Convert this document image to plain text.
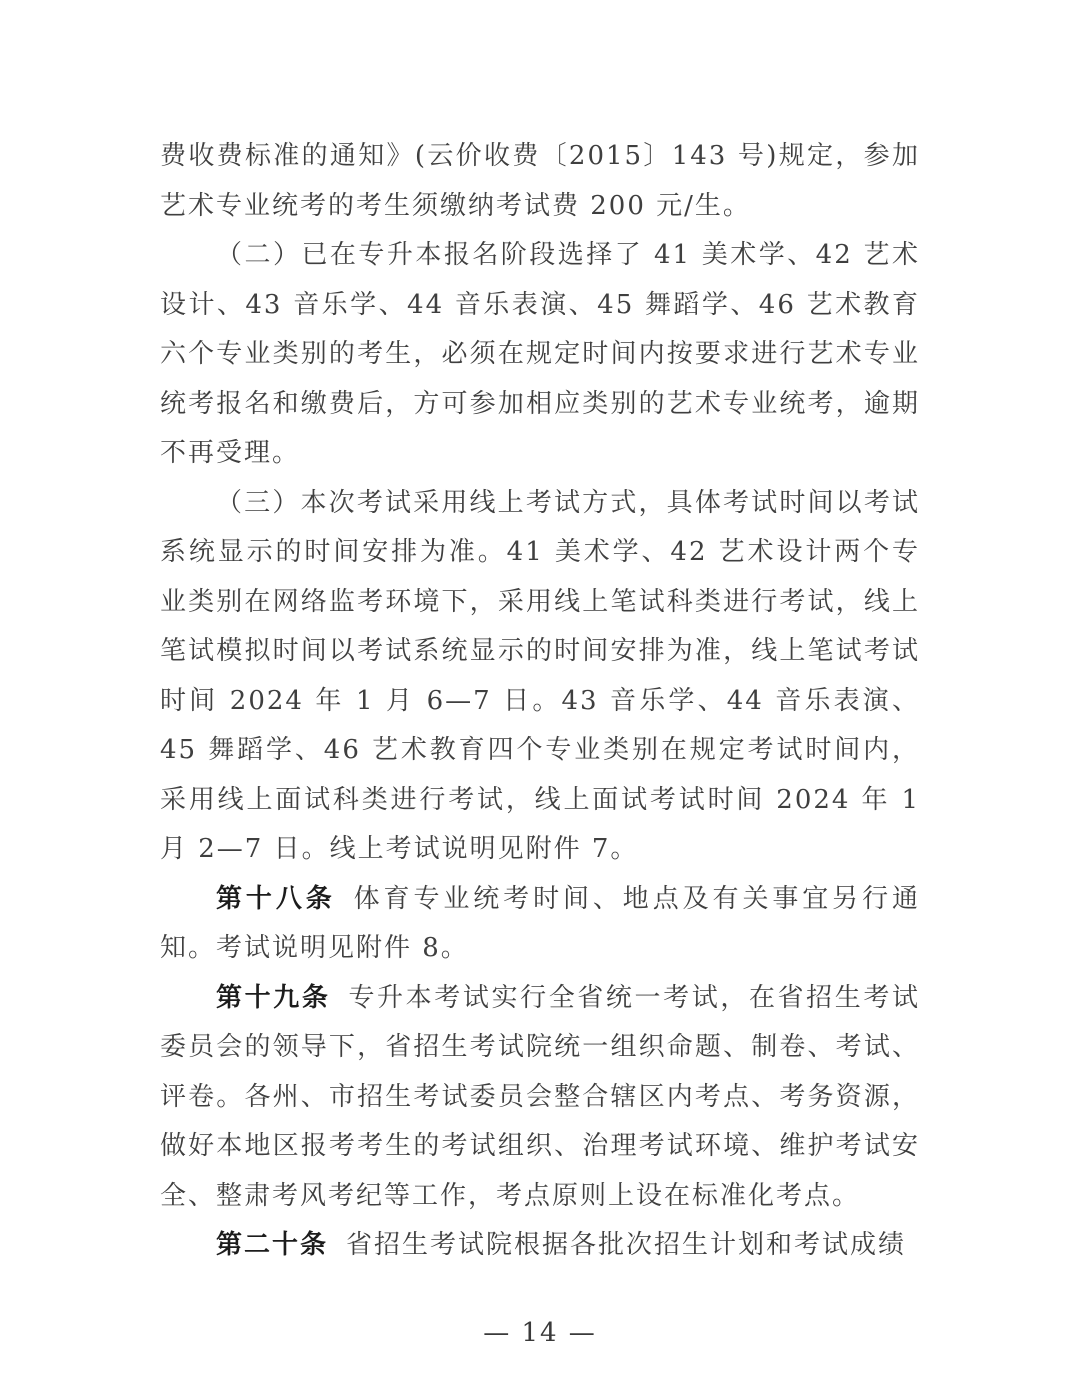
费收费标准的通知》(云价收费〔2015〕143 号)规定，参加艺术专业统考的考生须缴纳考试费 200 元/生。

（二）已在专升本报名阶段选择了 41 美术学、42 艺术设计、43 音乐学、44 音乐表演、45 舞蹈学、46 艺术教育六个专业类别的考生，必须在规定时间内按要求进行艺术专业统考报名和缴费后，方可参加相应类别的艺术专业统考，逾期不再受理。

（三）本次考试采用线上考试方式，具体考试时间以考试系统显示的时间安排为准。41 美术学、42 艺术设计两个专业类别在网络监考环境下，采用线上笔试科类进行考试，线上笔试模拟时间以考试系统显示的时间安排为准，线上笔试考试时间 2024 年 1 月 6—7 日。43 音乐学、44 音乐表演、45 舞蹈学、46 艺术教育四个专业类别在规定考试时间内，采用线上面试科类进行考试，线上面试考试时间 2024 年 1 月 2—7 日。线上考试说明见附件 7。

第十八条 体育专业统考时间、地点及有关事宜另行通知。考试说明见附件 8。

第十九条 专升本考试实行全省统一考试，在省招生考试委员会的领导下，省招生考试院统一组织命题、制卷、考试、评卷。各州、市招生考试委员会整合辖区内考点、考务资源，做好本地区报考考生的考试组织、治理考试环境、维护考试安全、整肃考风考纪等工作，考点原则上设在标准化考点。

第二十条 省招生考试院根据各批次招生计划和考试成绩

— 14 —
